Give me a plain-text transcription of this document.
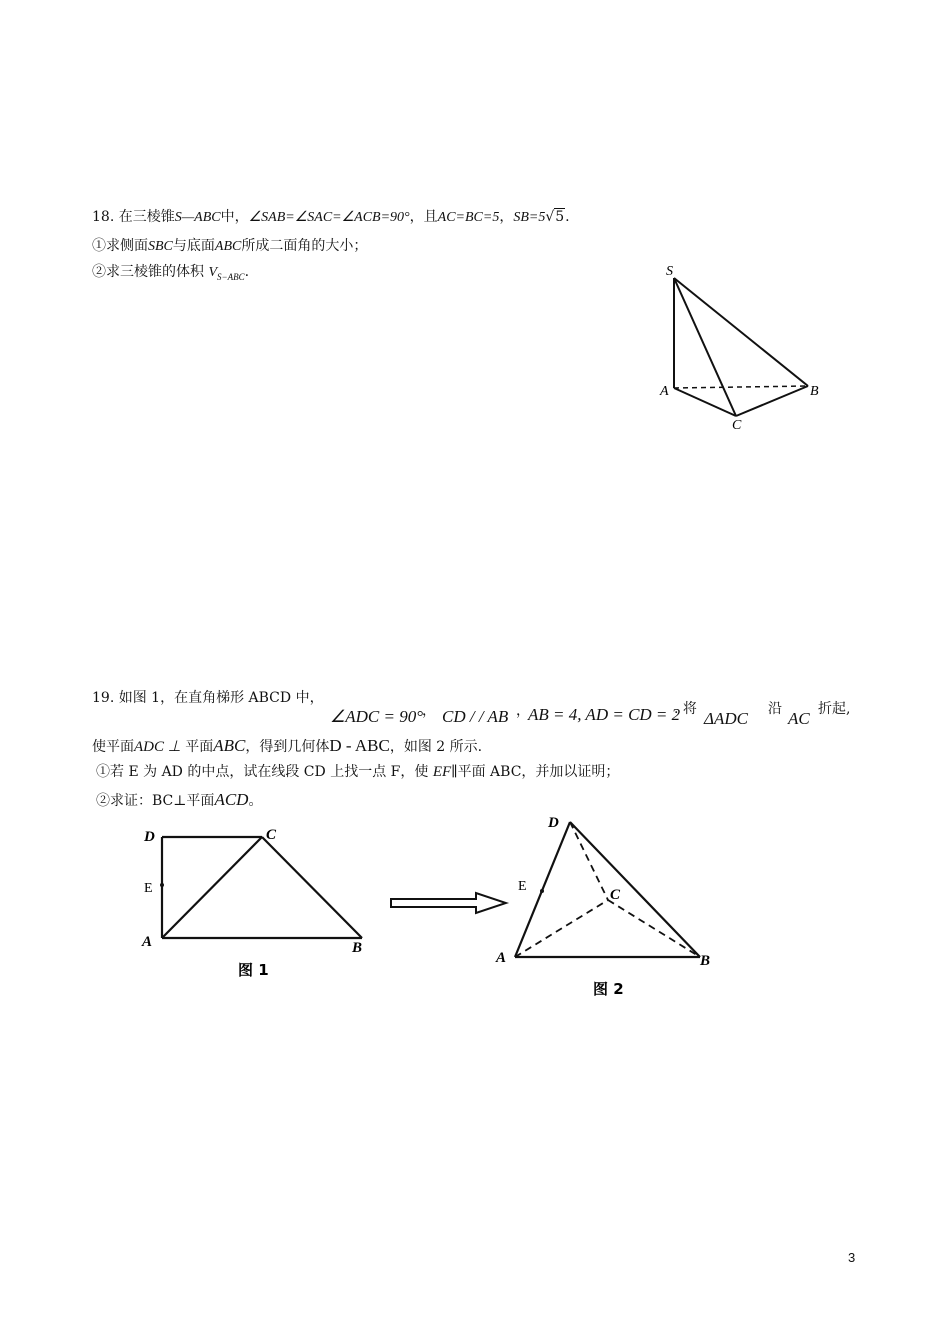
18. 在三棱锥S—ABC中，∠SAB=∠SAC=∠ACB=90°，且AC=BC=5，SB=5√5.
①求侧面SBC与底面ABC所成二面角的大小；
②求三棱锥的体积 $V_{S-ABC}$.	S
A	B
C
19. 如图 1，在直角梯形 ABCD 中，
∠ADC = 90°
， CD / / AB ，
AB = 4, AD = CD = 2
. 将 ΔADC 沿 AC 折起,
使平面ADC ⊥ 平面ABC，得到几何体D - ABC，如图 2 所示.
①若 E 为 AD 的中点，试在线段 CD 上找一点 F，使 EF∥平面 ABC，并加以证明；
②求证：BC⊥平面ACD。
D	C
E
A	B
图 1
D
C
E
A	B
图 2
3
